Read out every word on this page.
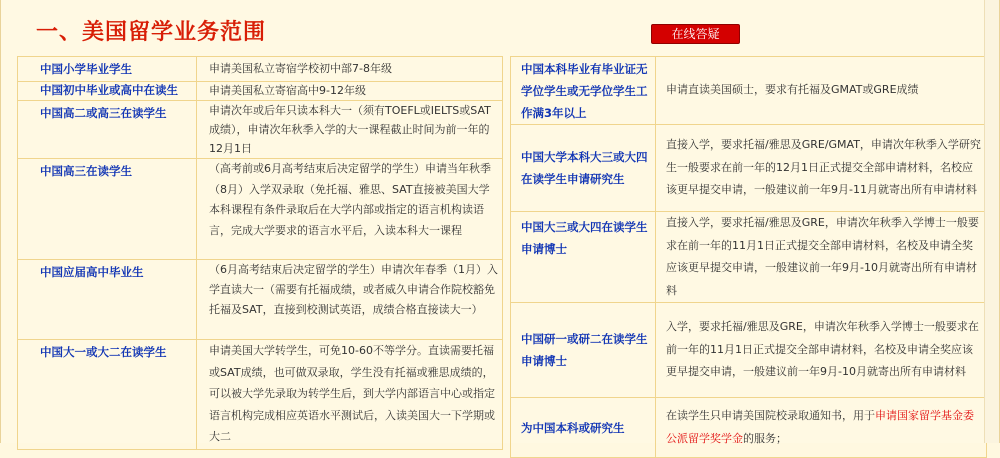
一、美国留学业务范围	在线答疑
中国小学毕业学生	申请美国私立寄宿学校初中部7-8年级
中国初中毕业或高中在读生	申请美国私立寄宿高中9-12年级
中国高二或高三在读学生	申请次年或后年只读本科大一（须有TOEFL或IELTS或SAT成绩），申请次年秋季入学的大一课程截止时间为前一年的12月1日
中国高三在读学生	（高考前或6月高考结束后决定留学的学生）申请当年秋季（8月）入学双录取（免托福、雅思、SAT直接被美国大学本科课程有条件录取后在大学内部或指定的语言机构读语言，完成大学要求的语言水平后，入读本科大一课程
中国应届高中毕业生	（6月高考结束后决定留学的学生）申请次年春季（1月）入学直读大一（需要有托福成绩，或者威久申请合作院校豁免托福及SAT，直接到校测试英语，成绩合格直接读大一）
中国大一或大二在读学生	申请美国大学转学生，可免10-60不等学分。直读需要托福或SAT成绩，也可做双录取，学生没有托福或雅思成绩的，可以被大学先录取为转学生后，到大学内部语言中心或指定语言机构完成相应英语水平测试后，入读美国大一下学期或大二
中国本科毕业有毕业证无学位学生或无学位学生工作满3年以上	申请直读美国硕士，要求有托福及GMAT或GRE成绩
中国大学本科大三或大四在读学生申请研究生	直接入学，要求托福/雅思及GRE/GMAT，申请次年秋季入学研究生一般要求在前一年的12月1日正式提交全部申请材料，名校应该更早提交申请，一般建议前一年9月-11月就寄出所有申请材料
中国大三或大四在读学生申请博士	直接入学，要求托福/雅思及GRE，申请次年秋季入学博士一般要求在前一年的11月1日正式提交全部申请材料，名校及申请全奖应该更早提交申请，一般建议前一年9月-10月就寄出所有申请材料
中国研一或研二在读学生申请博士	入学，要求托福/雅思及GRE，申请次年秋季入学博士一般要求在前一年的11月1日正式提交全部申请材料，名校及申请全奖应该更早提交申请，一般建议前一年9月-10月就寄出所有申请材料
为中国本科或研究生	在读学生只申请美国院校录取通知书，用于申请国家留学基金委公派留学奖学金的服务；
